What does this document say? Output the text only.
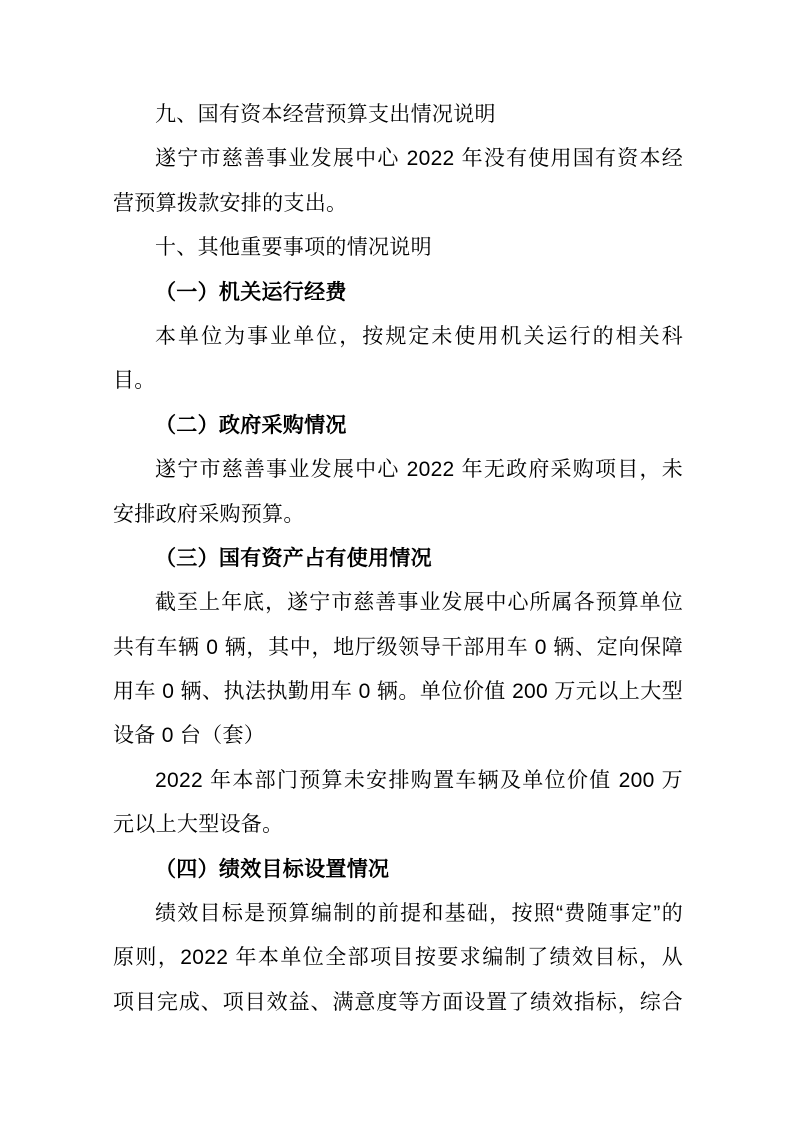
九、国有资本经营预算支出情况说明
遂宁市慈善事业发展中心 2022 年没有使用国有资本经
营预算拨款安排的支出。
十、其他重要事项的情况说明
（一）机关运行经费
本单位为事业单位，按规定未使用机关运行的相关科
目。
（二）政府采购情况
遂宁市慈善事业发展中心 2022 年无政府采购项目，未
安排政府采购预算。
（三）国有资产占有使用情况
截至上年底，遂宁市慈善事业发展中心所属各预算单位
共有车辆 0 辆，其中，地厅级领导干部用车 0 辆、定向保障
用车 0 辆、执法执勤用车 0 辆。单位价值 200 万元以上大型
设备 0 台（套）
2022 年本部门预算未安排购置车辆及单位价值 200 万
元以上大型设备。
（四）绩效目标设置情况
绩效目标是预算编制的前提和基础，按照“费随事定”的
原则，2022 年本单位全部项目按要求编制了绩效目标，从
项目完成、项目效益、满意度等方面设置了绩效指标，综合
